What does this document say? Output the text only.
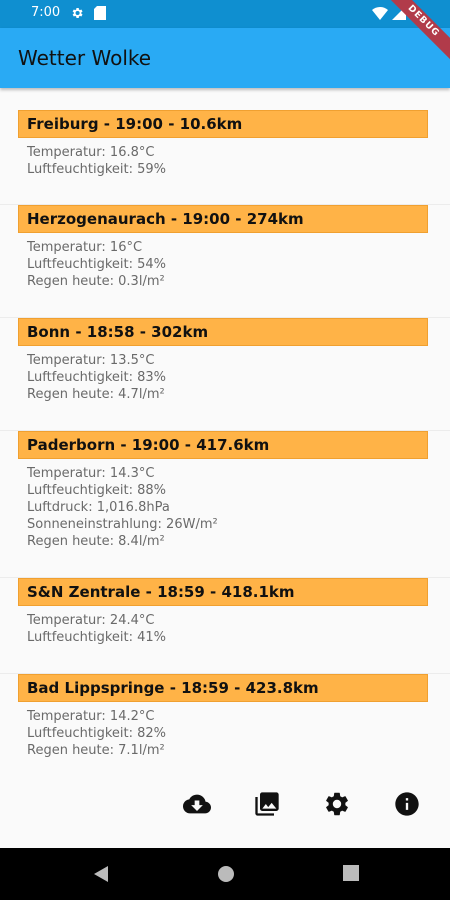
7:00
Wetter Wolke
DEBUG
Freiburg - 19:00 - 10.6km
Temperatur: 16.8°C
Luftfeuchtigkeit: 59%
Herzogenaurach - 19:00 - 274km
Temperatur: 16°C
Luftfeuchtigkeit: 54%
Regen heute: 0.3l/m²
Bonn - 18:58 - 302km
Temperatur: 13.5°C
Luftfeuchtigkeit: 83%
Regen heute: 4.7l/m²
Paderborn - 19:00 - 417.6km
Temperatur: 14.3°C
Luftfeuchtigkeit: 88%
Luftdruck: 1,016.8hPa
Sonneneinstrahlung: 26W/m²
Regen heute: 8.4l/m²
S&N Zentrale - 18:59 - 418.1km
Temperatur: 24.4°C
Luftfeuchtigkeit: 41%
Bad Lippspringe - 18:59 - 423.8km
Temperatur: 14.2°C
Luftfeuchtigkeit: 82%
Regen heute: 7.1l/m²
